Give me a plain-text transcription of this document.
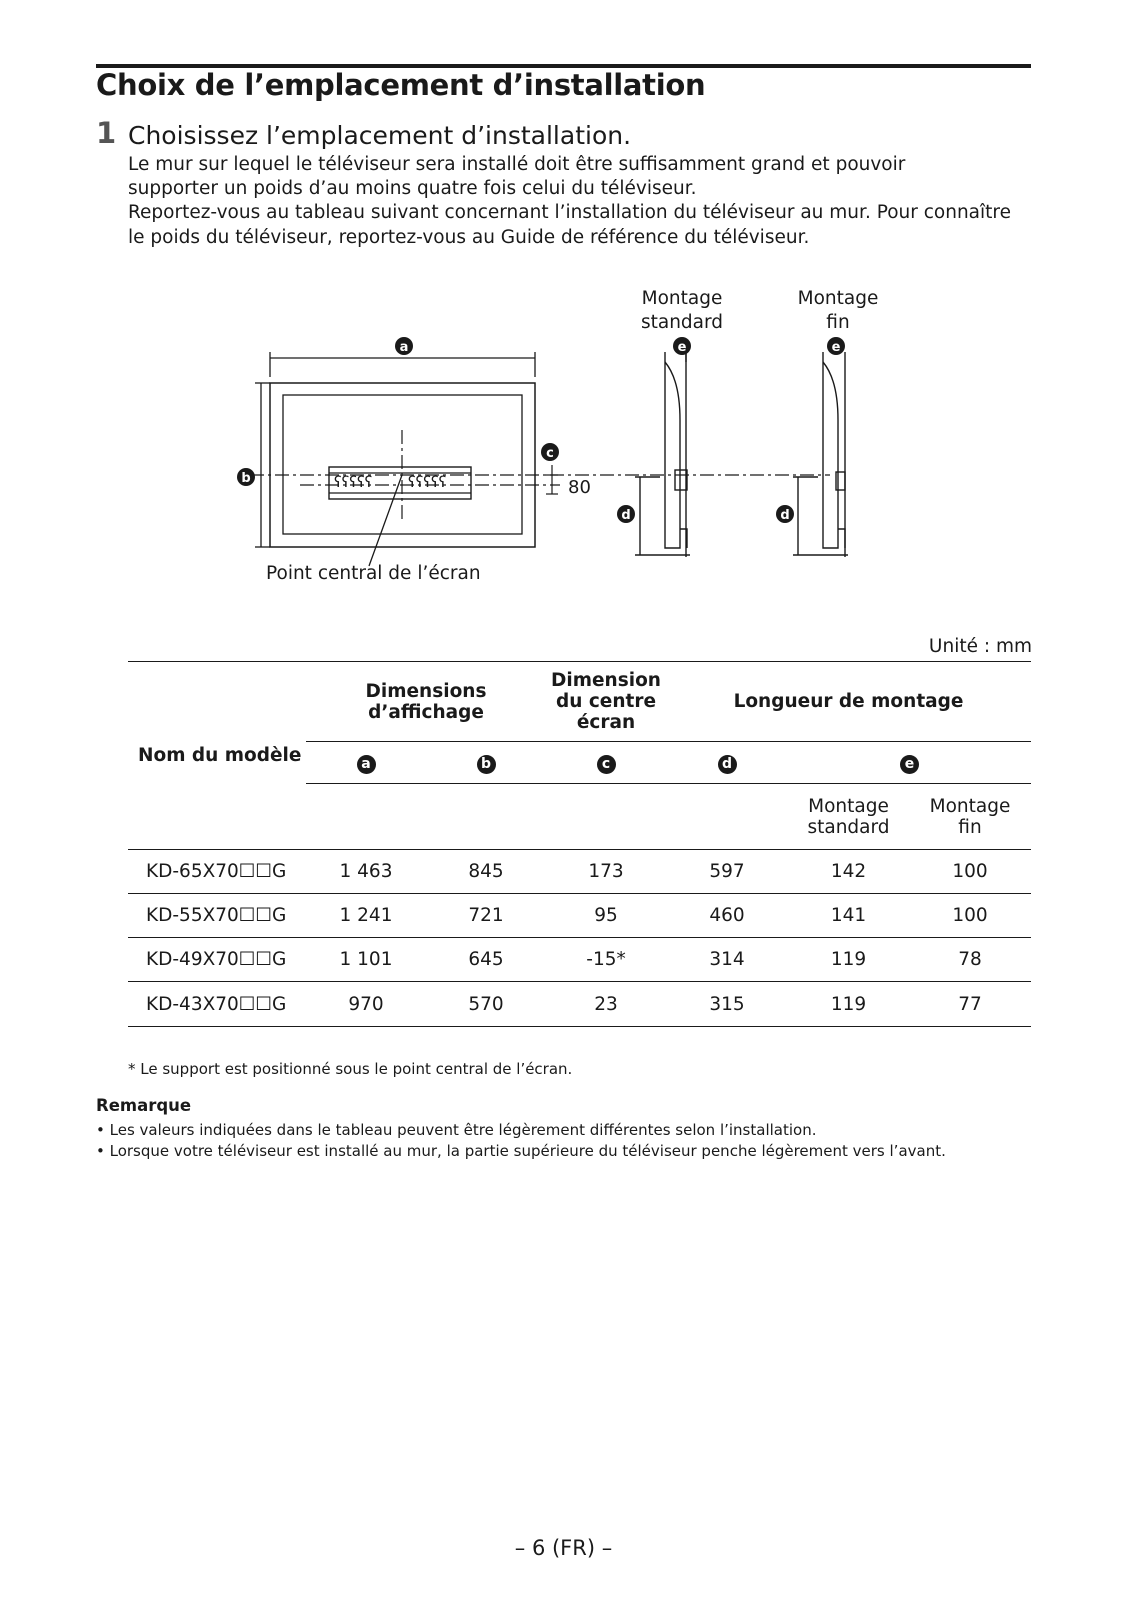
Choix de l’emplacement d’installation
1 Choisissez l’emplacement d’installation.
Le mur sur lequel le téléviseur sera installé doit être suffisamment grand et pouvoir
supporter un poids d’au moins quatre fois celui du téléviseur.
Reportez-vous au tableau suivant concernant l’installation du téléviseur au mur. Pour connaître
le poids du téléviseur, reportez-vous au Guide de référence du téléviseur.
ʕʕʕʕʕ ʕʕʕʕʕ
a
b
c
d	d
e	e
80
Montage
standard
Montage
fin
Point central de l’écran
Unité : mm
Nom du modèle	Dimensions d’affichage		Dimension du centre écran	Longueur de montage		
	a	b	c	d	e	
					Montage standard	Montage fin
KD-65X70☐☐G	1 463	845	173	597	142	100
KD-55X70☐☐G	1 241	721	95	460	141	100
KD-49X70☐☐G	1 101	645	-15*	314	119	78
KD-43X70☐☐G	970	570	23	315	119	77
* Le support est positionné sous le point central de l’écran.
Remarque
• Les valeurs indiquées dans le tableau peuvent être légèrement différentes selon l’installation.
• Lorsque votre téléviseur est installé au mur, la partie supérieure du téléviseur penche légèrement vers l’avant.
– 6 (FR) –
